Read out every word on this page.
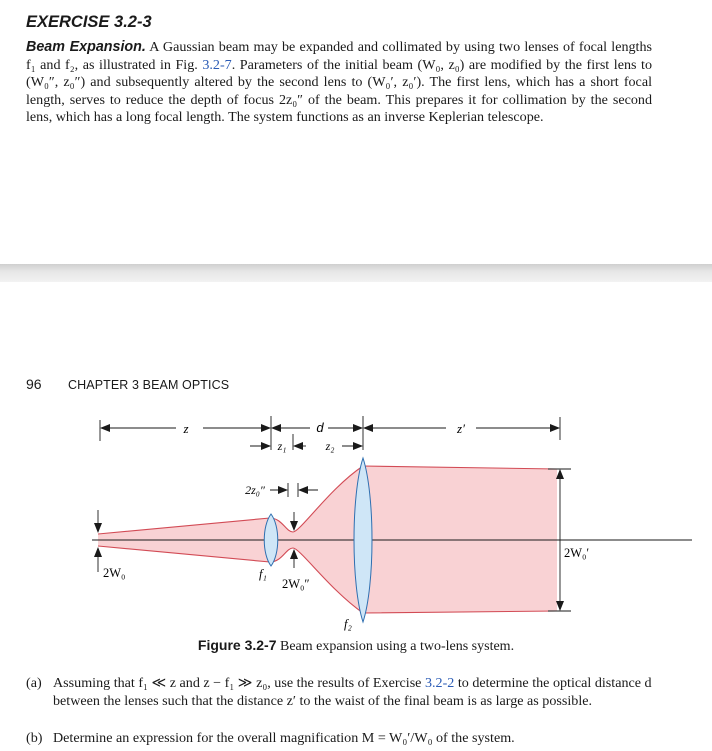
EXERCISE 3.2-3
Beam Expansion. A Gaussian beam may be expanded and collimated by using two lenses of focal lengths f₁ and f₂, as illustrated in Fig. 3.2-7. Parameters of the initial beam (W₀, z₀) are modified by the first lens to (W₀″, z₀″) and subsequently altered by the second lens to (W₀′, z₀′). The first lens, which has a short focal length, serves to reduce the depth of focus 2z₀″ of the beam. This prepares it for collimation by the second lens, which has a long focal length. The system functions as an inverse Keplerian telescope.
96 CHAPTER 3 BEAM OPTICS
z	d	z′
z₁	z₂
2z₀″
2W₀	f₁
2W₀″
2W₀′
f₂
Figure 3.2-7 Beam expansion using a two-lens system.
(a) Assuming that f₁ ≪ z and z − f₁ ≫ z₀, use the results of Exercise 3.2-2 to determine the optical distance d between the lenses such that the distance z′ to the waist of the final beam is as large as possible.
(b) Determine an expression for the overall magnification M = W₀′/W₀ of the system.
